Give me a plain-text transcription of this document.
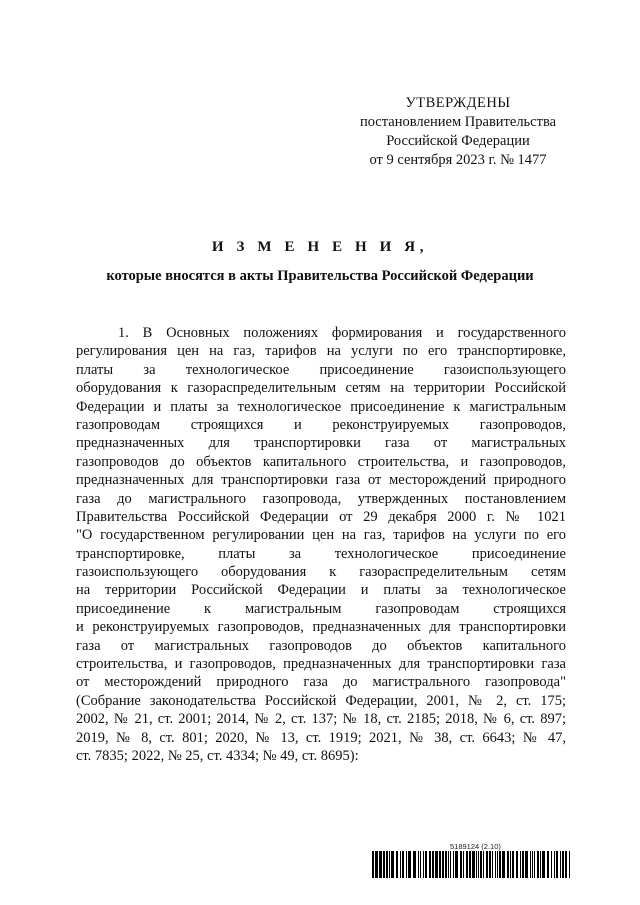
УТВЕРЖДЕНЫ
постановлением Правительства
Российской Федерации
от 9 сентября 2023 г. № 1477
И З М Е Н Е Н И Я,
которые вносятся в акты Правительства Российской Федерации
1. В Основных положениях формирования и государственного
регулирования цен на газ, тарифов на услуги по его транспортировке,
платы за технологическое присоединение газоиспользующего
оборудования к газораспределительным сетям на территории Российской
Федерации и платы за технологическое присоединение к магистральным
газопроводам строящихся и реконструируемых газопроводов,
предназначенных для транспортировки газа от магистральных
газопроводов до объектов капитального строительства, и газопроводов,
предназначенных для транспортировки газа от месторождений природного
газа до магистрального газопровода, утвержденных постановлением
Правительства Российской Федерации от 29 декабря 2000 г. № 1021
"О государственном регулировании цен на газ, тарифов на услуги по его
транспортировке, платы за технологическое присоединение
газоиспользующего оборудования к газораспределительным сетям
на территории Российской Федерации и платы за технологическое
присоединение к магистральным газопроводам строящихся
и реконструируемых газопроводов, предназначенных для транспортировки
газа от магистральных газопроводов до объектов капитального
строительства, и газопроводов, предназначенных для транспортировки газа
от месторождений природного газа до магистрального газопровода"
(Собрание законодательства Российской Федерации, 2001, № 2, ст. 175;
2002, № 21, ст. 2001; 2014, № 2, ст. 137; № 18, ст. 2185; 2018, № 6, ст. 897;
2019, № 8, ст. 801; 2020, № 13, ст. 1919; 2021, № 38, ст. 6643; № 47,
ст. 7835; 2022, № 25, ст. 4334; № 49, ст. 8695):
5189124 (2.10)
